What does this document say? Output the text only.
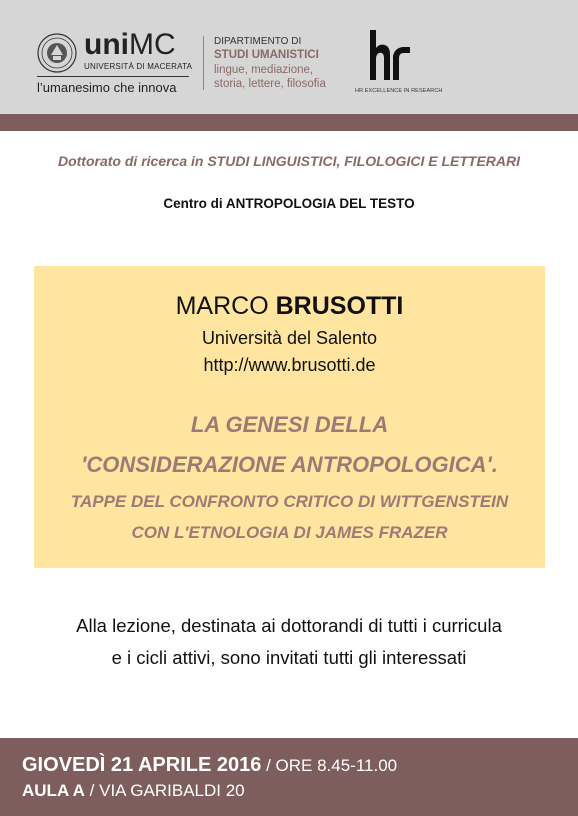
uniMC
UNIVERSITÀ DI MACERATA
l’umanesimo che innova
DIPARTIMENTO DI
STUDI UMANISTICI
lingue, mediazione,
storia, lettere, filosofia
HR EXCELLENCE IN RESEARCH
Dottorato di ricerca in STUDI LINGUISTICI, FILOLOGICI E LETTERARI
Centro di ANTROPOLOGIA DEL TESTO
MARCO BRUSOTTI
Università del Salento
http://www.brusotti.de
LA GENESI DELLA
'CONSIDERAZIONE ANTROPOLOGICA'.
TAPPE DEL CONFRONTO CRITICO DI WITTGENSTEIN
CON L'ETNOLOGIA DI JAMES FRAZER
Alla lezione, destinata ai dottorandi di tutti i curricula
e i cicli attivi, sono invitati tutti gli interessati
GIOVEDÌ 21 APRILE 2016 / ORE 8.45-11.00
AULA A / VIA GARIBALDI 20
